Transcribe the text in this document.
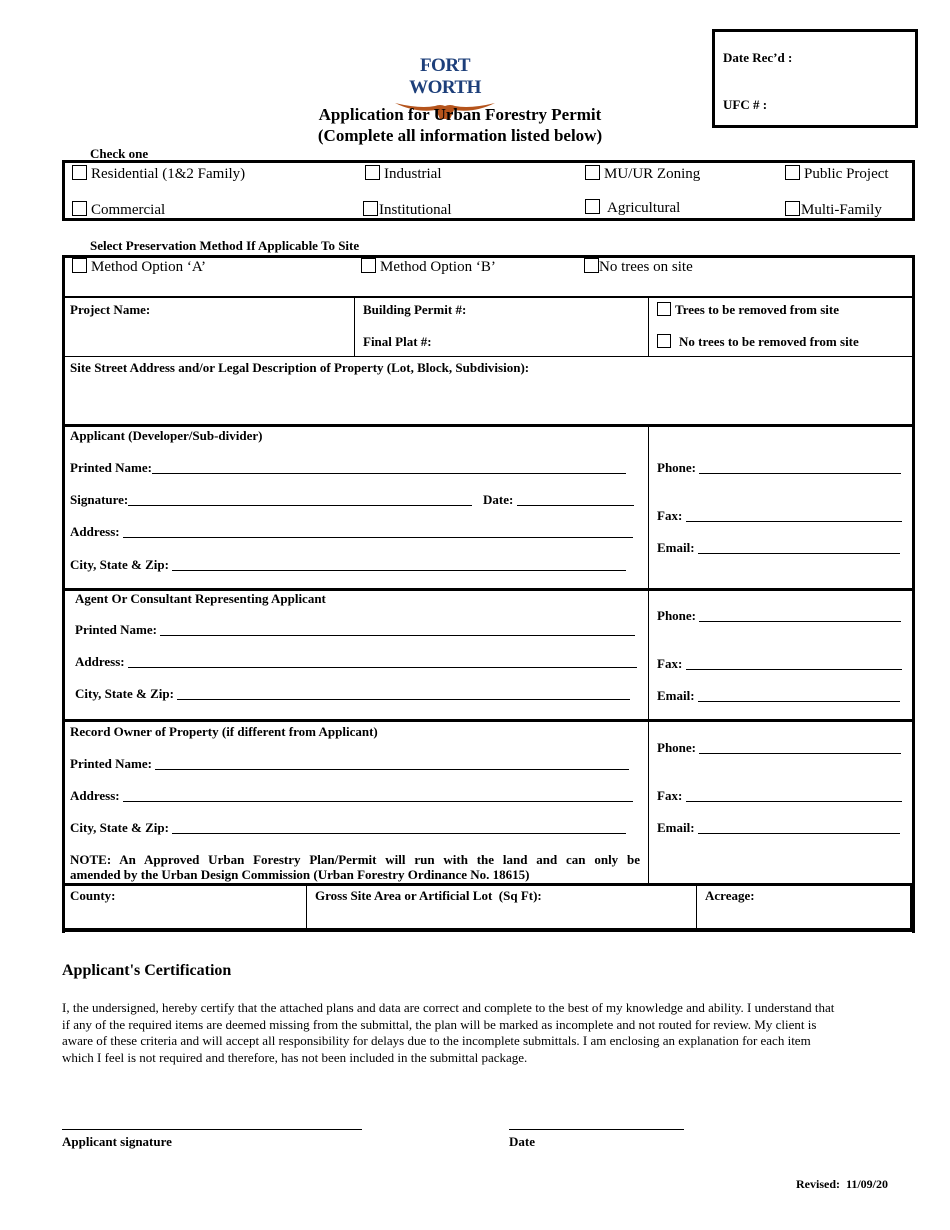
FORT WORTH
Application for Urban Forestry Permit
(Complete all information listed below)
Date Rec’d :
UFC # :
Check one
Residential (1&2 Family)	Industrial	MU/UR Zoning	Public Project
Commercial	Institutional	Agricultural	Multi-Family
Select Preservation Method If Applicable To Site
Method Option ‘A’	Method Option ‘B’	No trees on site
Project Name:	Building Permit #:
Final Plat #:
Trees to be removed from site
No trees to be removed from site
Site Street Address and/or Legal Description of Property (Lot, Block, Subdivision):
Applicant (Developer/Sub-divider)
Printed Name:
Signature:	Date:
Address:
City, State & Zip:
Phone:
Fax:
Email:
Agent Or Consultant Representing Applicant
Printed Name:
Address:
City, State & Zip:
Phone:
Fax:
Email:
Record Owner of Property (if different from Applicant)
Printed Name:
Address:
City, State & Zip:
Phone:
Fax:
Email:
NOTE: An Approved Urban Forestry Plan/Permit will run with the land and can only be
amended by the Urban Design Commission (Urban Forestry Ordinance No. 18615)
County:	Gross Site Area or Artificial Lot  (Sq Ft):	Acreage:
Applicant's Certification
I, the undersigned, hereby certify that the attached plans and data are correct and complete to the best of my knowledge and ability. I understand that
if any of the required items are deemed missing from the submittal, the plan will be marked as incomplete and not routed for review. My client is
aware of these criteria and will accept all responsibility for delays due to the incomplete submittals. I am enclosing an explanation for each item
which I feel is not required and therefore, has not been included in the submittal package.
Applicant signature	Date
Revised:  11/09/20
